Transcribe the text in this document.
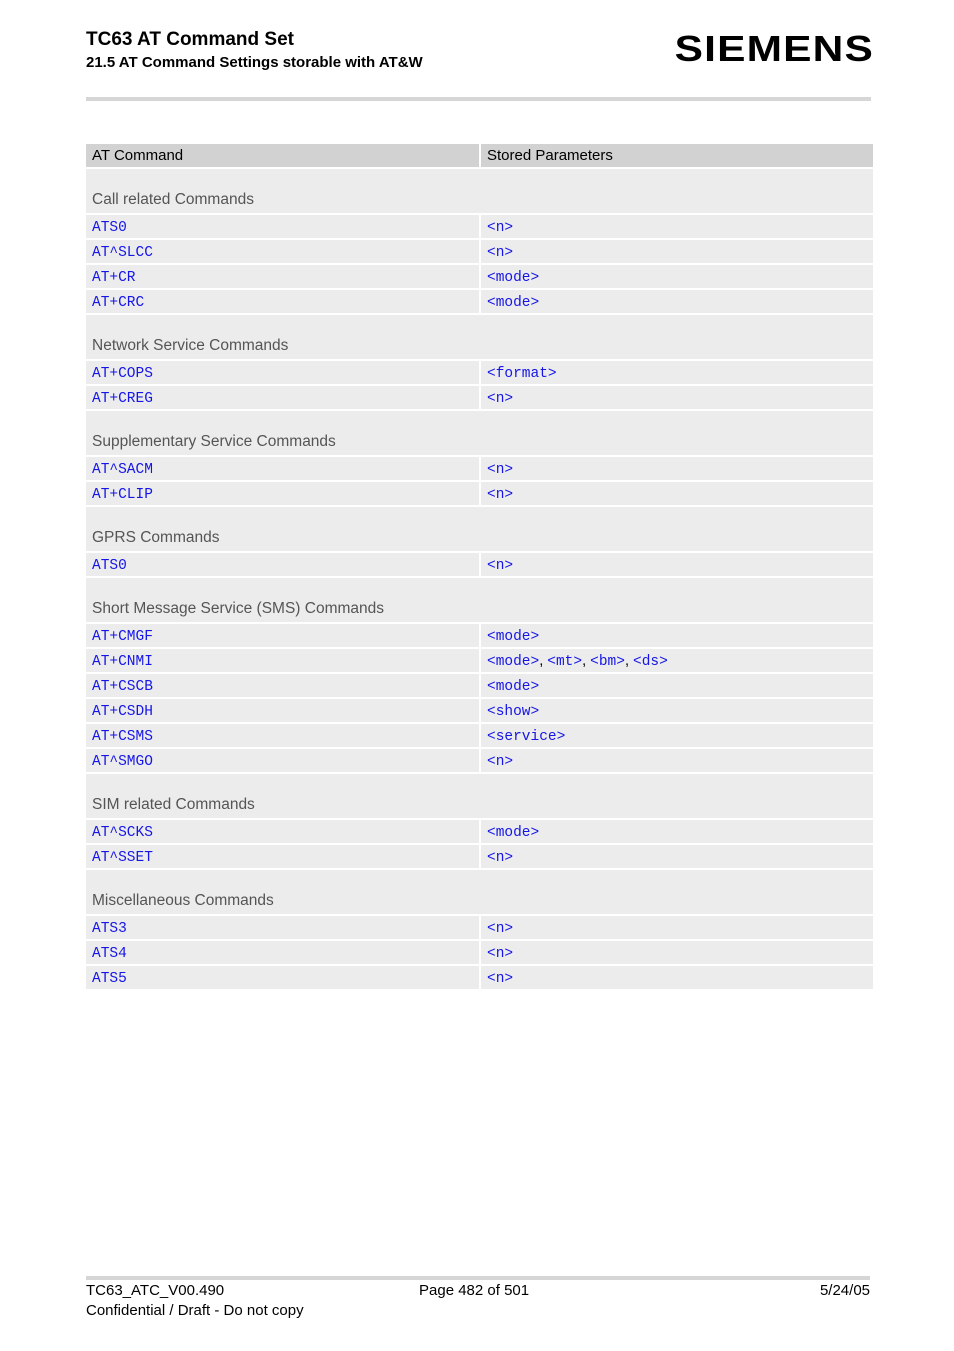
TC63 AT Command Set
21.5 AT Command Settings storable with AT&W	SIEMENS
AT Command	Stored Parameters
Call related Commands	
ATS0	<n>
AT^SLCC	<n>
AT+CR	<mode>
AT+CRC	<mode>
Network Service Commands	
AT+COPS	<format>
AT+CREG	<n>
Supplementary Service Commands	
AT^SACM	<n>
AT+CLIP	<n>
GPRS Commands	
ATS0	<n>
Short Message Service (SMS) Commands	
AT+CMGF	<mode>
AT+CNMI	<mode>, <mt>, <bm>, <ds>
AT+CSCB	<mode>
AT+CSDH	<show>
AT+CSMS	<service>
AT^SMGO	<n>
SIM related Commands	
AT^SCKS	<mode>
AT^SSET	<n>
Miscellaneous Commands	
ATS3	<n>
ATS4	<n>
ATS5	<n>
TC63_ATC_V00.490	Page 482 of 501	5/24/05
Confidential / Draft - Do not copy
